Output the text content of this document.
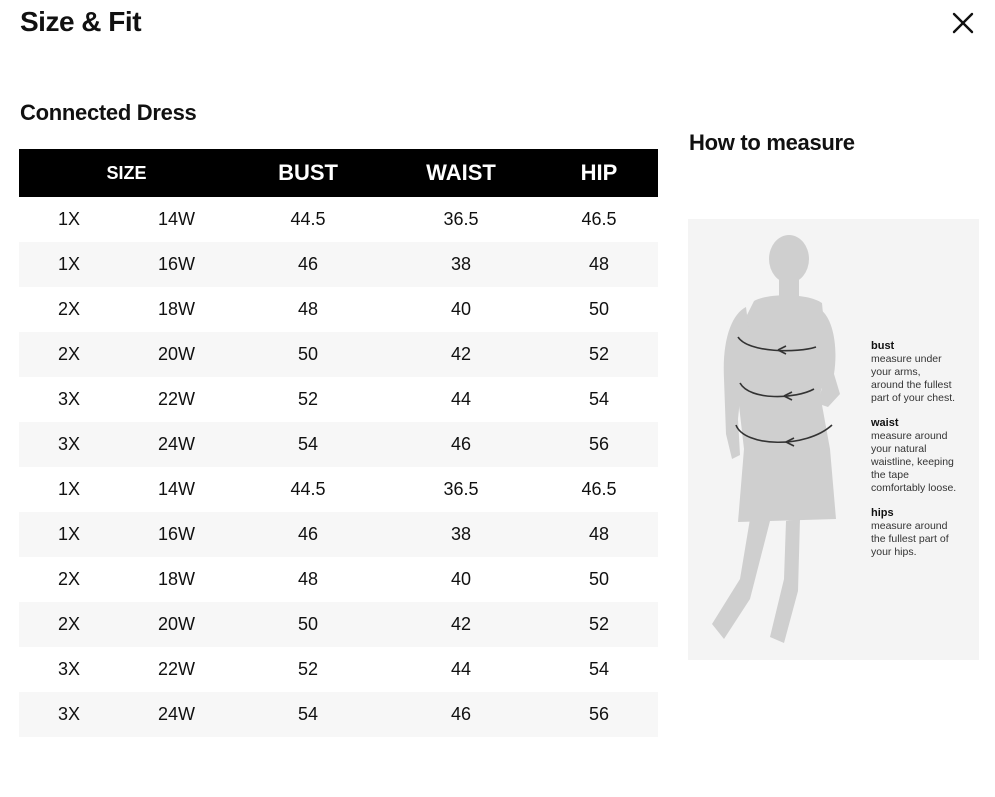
Size & Fit
Connected Dress
SIZE		BUST	WAIST	HIP
1X	14W	44.5	36.5	46.5
1X	16W	46	38	48
2X	18W	48	40	50
2X	20W	50	42	52
3X	22W	52	44	54
3X	24W	54	46	56
1X	14W	44.5	36.5	46.5
1X	16W	46	38	48
2X	18W	48	40	50
2X	20W	50	42	52
3X	22W	52	44	54
3X	24W	54	46	56
How to measure
bust
measure under
your arms,
around the fullest
part of your chest.
waist
measure around
your natural
waistline, keeping
the tape
comfortably loose.
hips
measure around
the fullest part of
your hips.
